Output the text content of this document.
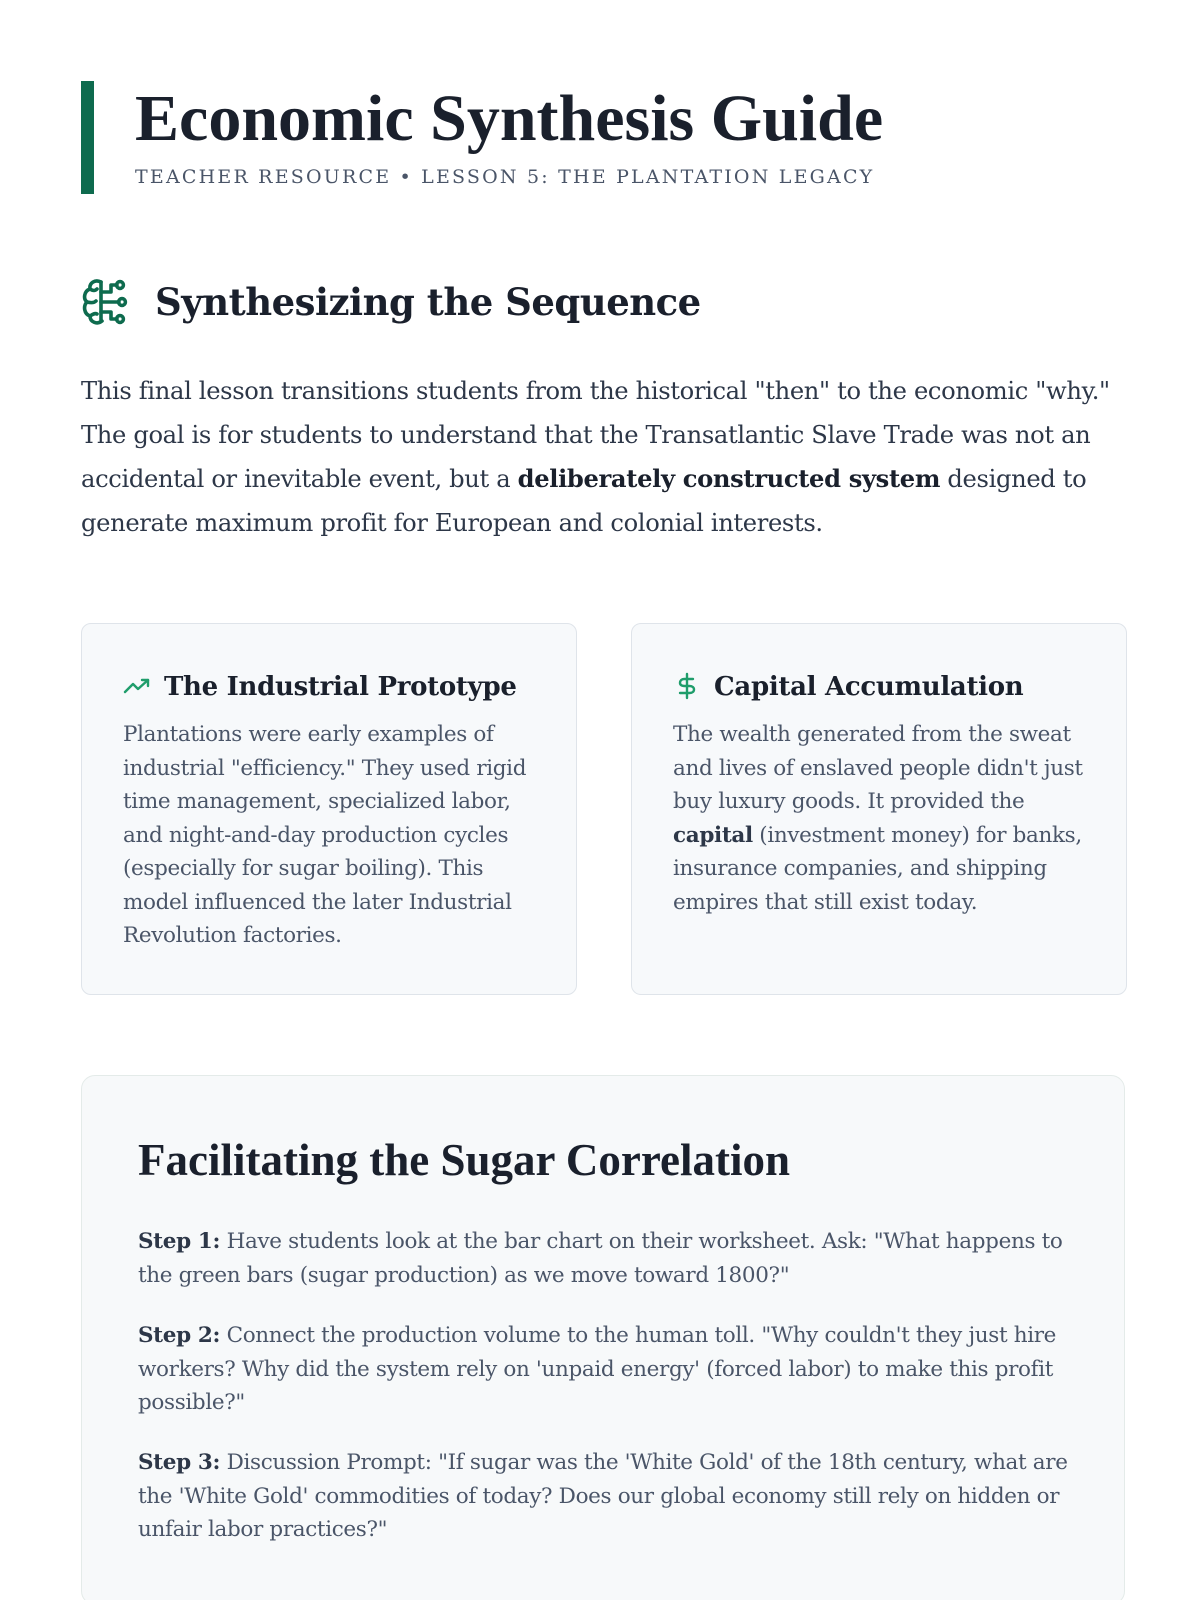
Economic Synthesis Guide
TEACHER RESOURCE • LESSON 5: THE PLANTATION LEGACY
Synthesizing the Sequence

This final lesson transitions students from the historical "then" to the economic "why." The goal is for students to understand that the Transatlantic Slave Trade was not an accidental or inevitable event, but a deliberately constructed system designed to generate maximum profit for European and colonial interests.

The Industrial Prototype

Plantations were early examples of industrial "efficiency." They used rigid time management, specialized labor, and night-and-day production cycles (especially for sugar boiling). This model influenced the later Industrial Revolution factories.

Capital Accumulation

The wealth generated from the sweat and lives of enslaved people didn't just buy luxury goods. It provided the capital (investment money) for banks, insurance companies, and shipping empires that still exist today.

Facilitating the Sugar Correlation

Step 1: Have students look at the bar chart on their worksheet. Ask: "What happens to the green bars (sugar production) as we move toward 1800?"

Step 2: Connect the production volume to the human toll. "Why couldn't they just hire workers? Why did the system rely on 'unpaid energy' (forced labor) to make this profit possible?"

Step 3: Discussion Prompt: "If sugar was the 'White Gold' of the 18th century, what are the 'White Gold' commodities of today? Does our global economy still rely on hidden or unfair labor practices?"
